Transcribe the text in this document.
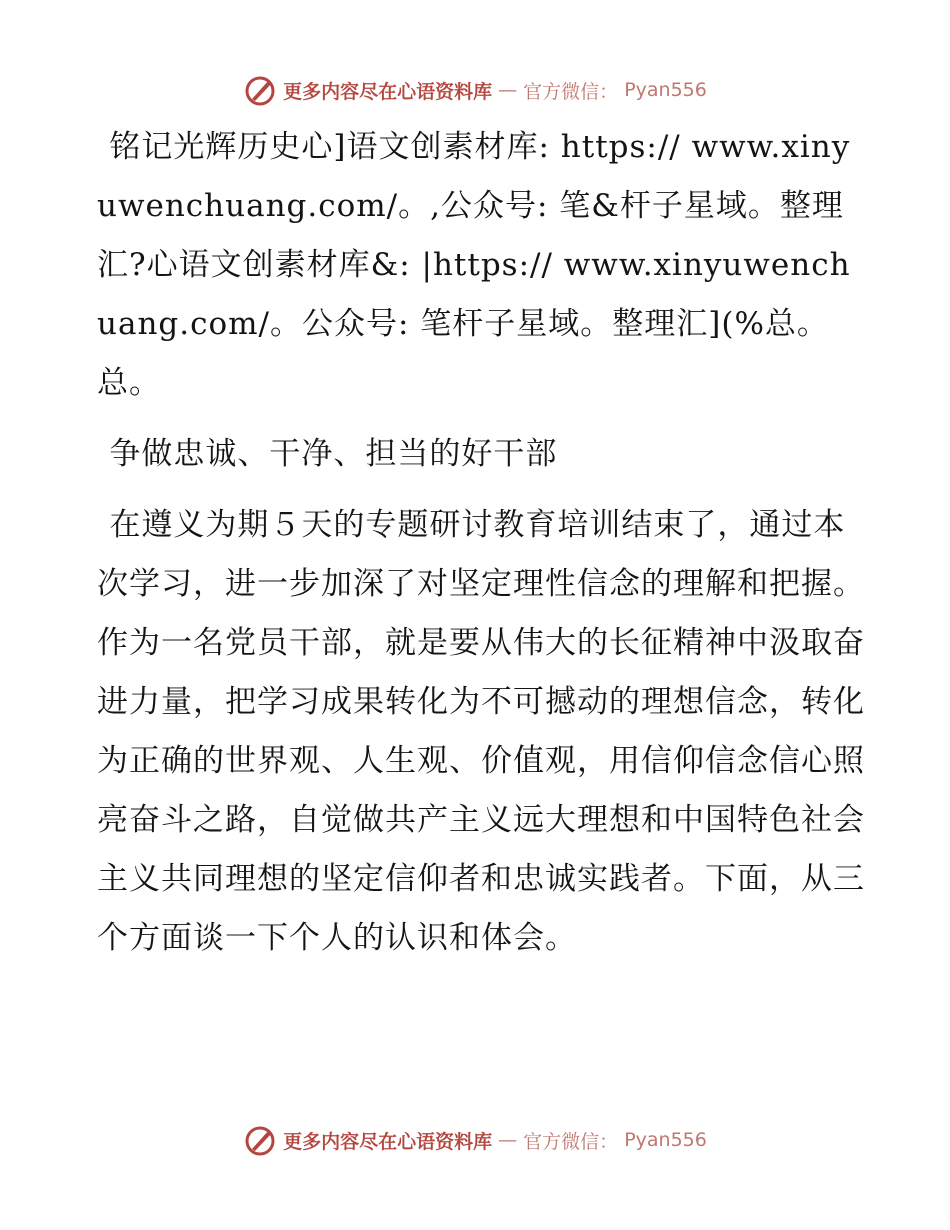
更多内容尽在心语资料库 — 官方微信： Pyan556

铭记光辉历史心]语文创素材库: https:// www.xinyuwenchuang.com/。,公众号: 笔&杆子星域。整理汇?心语文创素材库&: |https:// www.xinyuwenchuang.com/。公众号: 笔杆子星域。整理汇](%总。总。

争做忠诚、干净、担当的好干部

在遵义为期５天的专题研讨教育培训结束了，通过本次学习，进一步加深了对坚定理性信念的理解和把握。作为一名党员干部，就是要从伟大的长征精神中汲取奋进力量，把学习成果转化为不可撼动的理想信念，转化为正确的世界观、人生观、价值观，用信仰信念信心照亮奋斗之路，自觉做共产主义远大理想和中国特色社会主义共同理想的坚定信仰者和忠诚实践者。下面，从三个方面谈一下个人的认识和体会。

更多内容尽在心语资料库 — 官方微信： Pyan556
